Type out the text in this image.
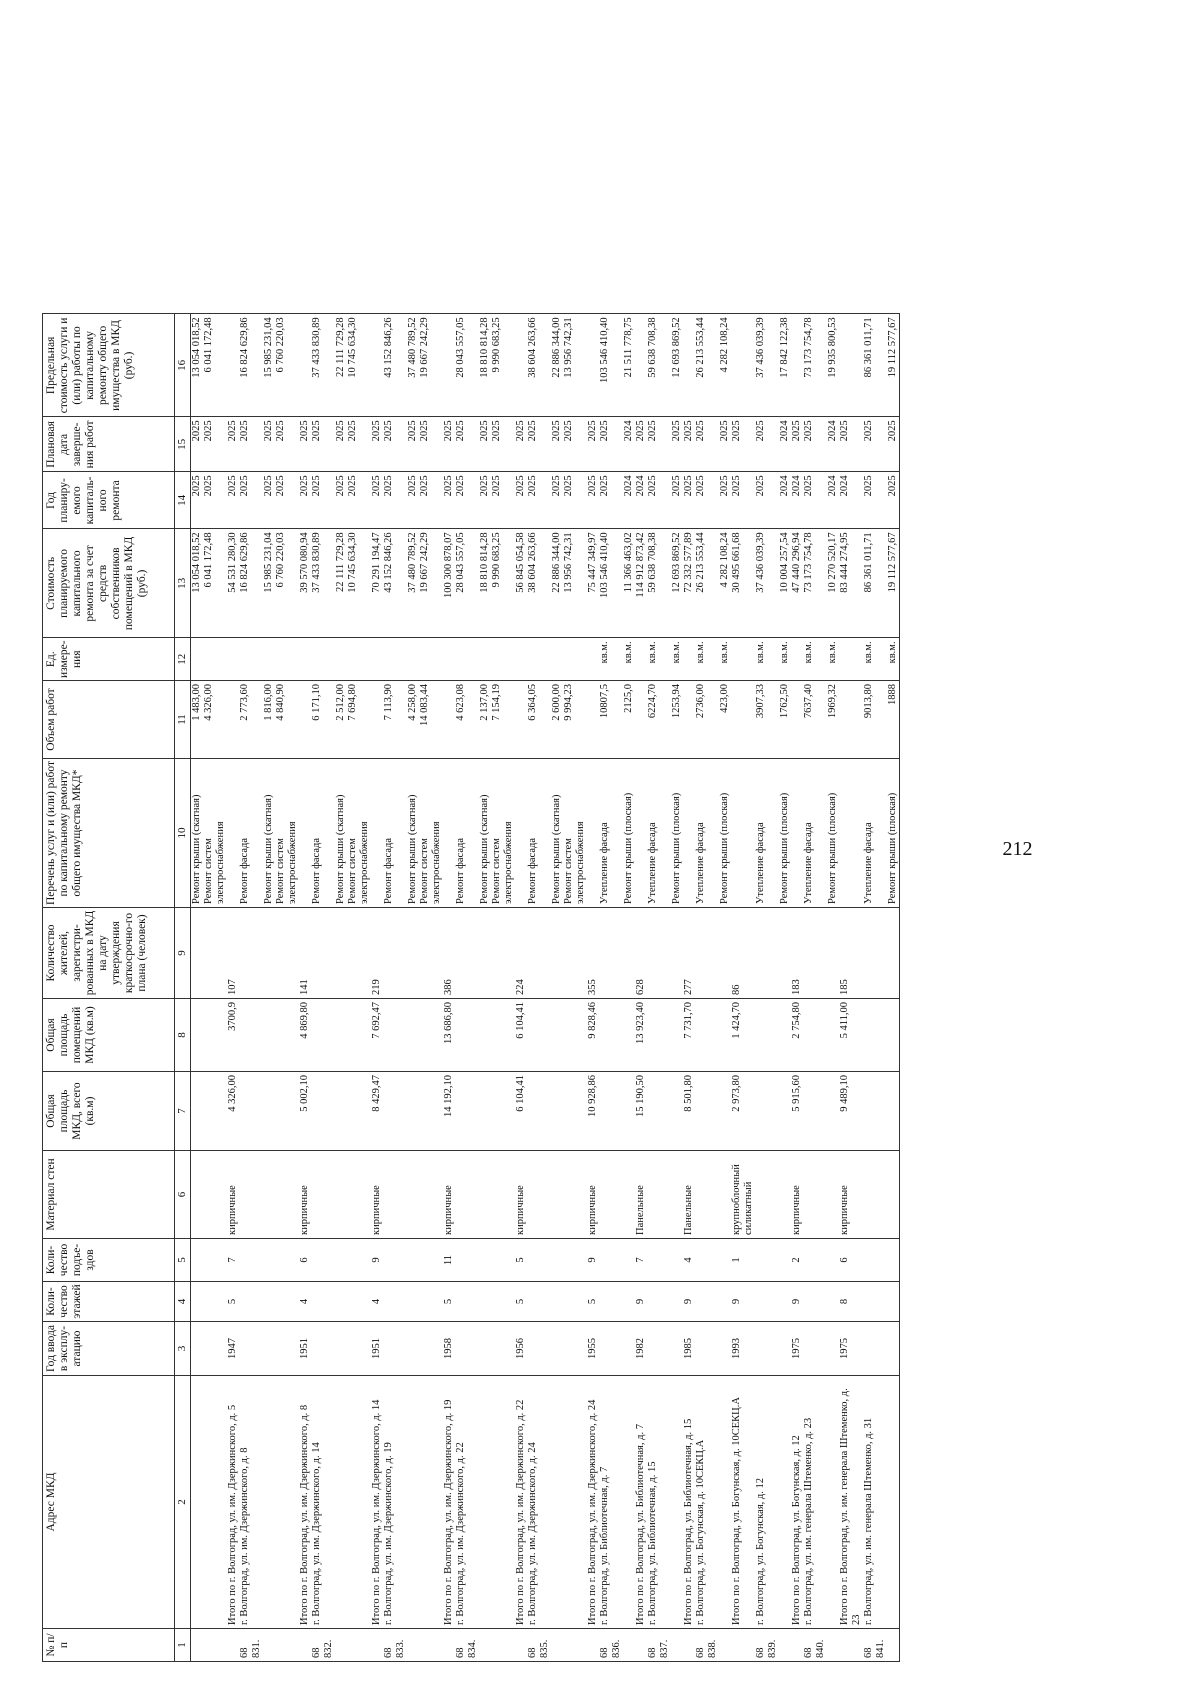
212
№ п/п	Адрес МКД	Год ввода в эксплу-атацию	Коли-чество этажей	Коли-чество подъе-здов	Материал стен	Общая площадь МКД, всего (кв.м)	Общая площадь помещений МКД (кв.м)	Количество жителей, зарегистри-рованных в МКД на дату утверждения краткосрочно-го плана (человек)	Перечень услуг и (или) работ по капитальному ремонту общего имущества МКД*	Объем работ	Ед. измере-ния	Стоимость планируемого капитального ремонта за счет средств собственников помещений в МКД (руб.)	Год планиру-емого капиталь-ного ремонта	Плановая дата заверше-ния работ	Предельная стоимость услуги и (или) работы по капитальному ремонту общего имущества в МКД (руб.)
1	2	3	4	5	6	7	8	9	10	11	12	13	14	15	16
									Ремонт крыши (скатная)	1 483,00		13 054 018,52	2025	2025	13 054 018,52
									Ремонт систем электроснабжения	4 326,00		6 041 172,48	2025	2025	6 041 172,48
	Итого по г. Волгоград, ул. им. Дзержинского, д. 5	1947	5	7	кирпичные	4 326,00	3700,9	107				54 531 280,30	2025	2025	
68 831.	г. Волгоград, ул. им. Дзержинского, д. 8								Ремонт фасада	2 773,60		16 824 629,86	2025	2025	16 824 629,86
									Ремонт крыши (скатная)	1 816,00		15 985 231,04	2025	2025	15 985 231,04
									Ремонт систем электроснабжения	4 840,90		6 760 220,03	2025	2025	6 760 220,03
	Итого по г. Волгоград, ул. им. Дзержинского, д. 8	1951	4	6	кирпичные	5 002,10	4 869,80	141				39 570 080,94	2025	2025	
68 832.	г. Волгоград, ул. им. Дзержинского, д. 14								Ремонт фасада	6 171,10		37 433 830,89	2025	2025	37 433 830,89
									Ремонт крыши (скатная)	2 512,00		22 111 729,28	2025	2025	22 111 729,28
									Ремонт систем электроснабжения	7 694,80		10 745 634,30	2025	2025	10 745 634,30
	Итого по г. Волгоград, ул. им. Дзержинского, д. 14	1951	4	9	кирпичные	8 429,47	7 692,47	219				70 291 194,47	2025	2025	
68 833.	г. Волгоград, ул. им. Дзержинского, д. 19								Ремонт фасада	7 113,90		43 152 846,26	2025	2025	43 152 846,26
									Ремонт крыши (скатная)	4 258,00		37 480 789,52	2025	2025	37 480 789,52
									Ремонт систем электроснабжения	14 083,44		19 667 242,29	2025	2025	19 667 242,29
	Итого по г. Волгоград, ул. им. Дзержинского, д. 19	1958	5	11	кирпичные	14 192,10	13 686,80	386				100 300 878,07	2025	2025	
68 834.	г. Волгоград, ул. им. Дзержинского, д. 22								Ремонт фасада	4 623,08		28 043 557,05	2025	2025	28 043 557,05
									Ремонт крыши (скатная)	2 137,00		18 810 814,28	2025	2025	18 810 814,28
									Ремонт систем электроснабжения	7 154,19		9 990 683,25	2025	2025	9 990 683,25
	Итого по г. Волгоград, ул. им. Дзержинского, д. 22	1956	5	5	кирпичные	6 104,41	6 104,41	224				56 845 054,58	2025	2025	
68 835.	г. Волгоград, ул. им. Дзержинского, д. 24								Ремонт фасада	6 364,05		38 604 263,66	2025	2025	38 604 263,66
									Ремонт крыши (скатная)	2 600,00		22 886 344,00	2025	2025	22 886 344,00
									Ремонт систем электроснабжения	9 994,23		13 956 742,31	2025	2025	13 956 742,31
	Итого по г. Волгоград, ул. им. Дзержинского, д. 24	1955	5	9	кирпичные	10 928,86	9 828,46	355				75 447 349,97	2025	2025	
68 836.	г. Волгоград, ул. Библиотечная, д. 7								Утепление фасада	10807,5	кв.м.	103 546 410,40	2025	2025	103 546 410,40
									Ремонт крыши (плоская)	2125,0	кв.м.	11 366 463,02	2024	2024	21 511 778,75
	Итого по г. Волгоград, ул. Библиотечная, д. 7	1982	9	7	Панельные	15 190,50	13 923,40	628				114 912 873,42	2024	2025	
68 837.	г. Волгоград, ул. Библиотечная, д. 15								Утепление фасада	6224,70	кв.м.	59 638 708,38	2025	2025	59 638 708,38
									Ремонт крыши (плоская)	1253,94	кв.м.	12 693 869,52	2025	2025	12 693 869,52
	Итого по г. Волгоград, ул. Библиотечная, д. 15	1985	9	4	Панельные	8 501,80	7 731,70	277				72 332 577,89	2025	2025	
68 838.	г. Волгоград, ул. Богунская, д. 10СЕКЦ.А								Утепление фасада	2736,00	кв.м.	26 213 553,44	2025	2025	26 213 553,44
									Ремонт крыши (плоская)	423,00	кв.м.	4 282 108,24	2025	2025	4 282 108,24
	Итого по г. Волгоград, ул. Богунская, д. 10СЕКЦ.А	1993	9	1	крупноблочный силикатный	2 973,80	1 424,70	86				30 495 661,68	2025	2025	
68 839.	г. Волгоград, ул. Богунская, д. 12								Утепление фасада	3907,33	кв.м.	37 436 039,39	2025	2025	37 436 039,39
									Ремонт крыши (плоская)	1762,50	кв.м.	10 004 257,54	2024	2024	17 842 122,38
	Итого по г. Волгоград, ул. Богунская, д. 12	1975	9	2	кирпичные	5 915,60	2 754,80	183				47 440 296,94	2024	2025	
68 840.	г. Волгоград, ул. им. генерала Штеменко, д. 23								Утепление фасада	7637,40	кв.м.	73 173 754,78	2025	2025	73 173 754,78
									Ремонт крыши (плоская)	1969,32	кв.м.	10 270 520,17	2024	2024	19 935 800,53
	Итого по г. Волгоград, ул. им. генерала Штеменко, д. 23	1975	8	6	кирпичные	9 489,10	5 411,00	185				83 444 274,95	2024	2025	
68 841.	г. Волгоград, ул. им. генерала Штеменко, д. 31								Утепление фасада	9013,80	кв.м.	86 361 011,71	2025	2025	86 361 011,71
									Ремонт крыши (плоская)	1888	кв.м.	19 112 577,67	2025	2025	19 112 577,67
